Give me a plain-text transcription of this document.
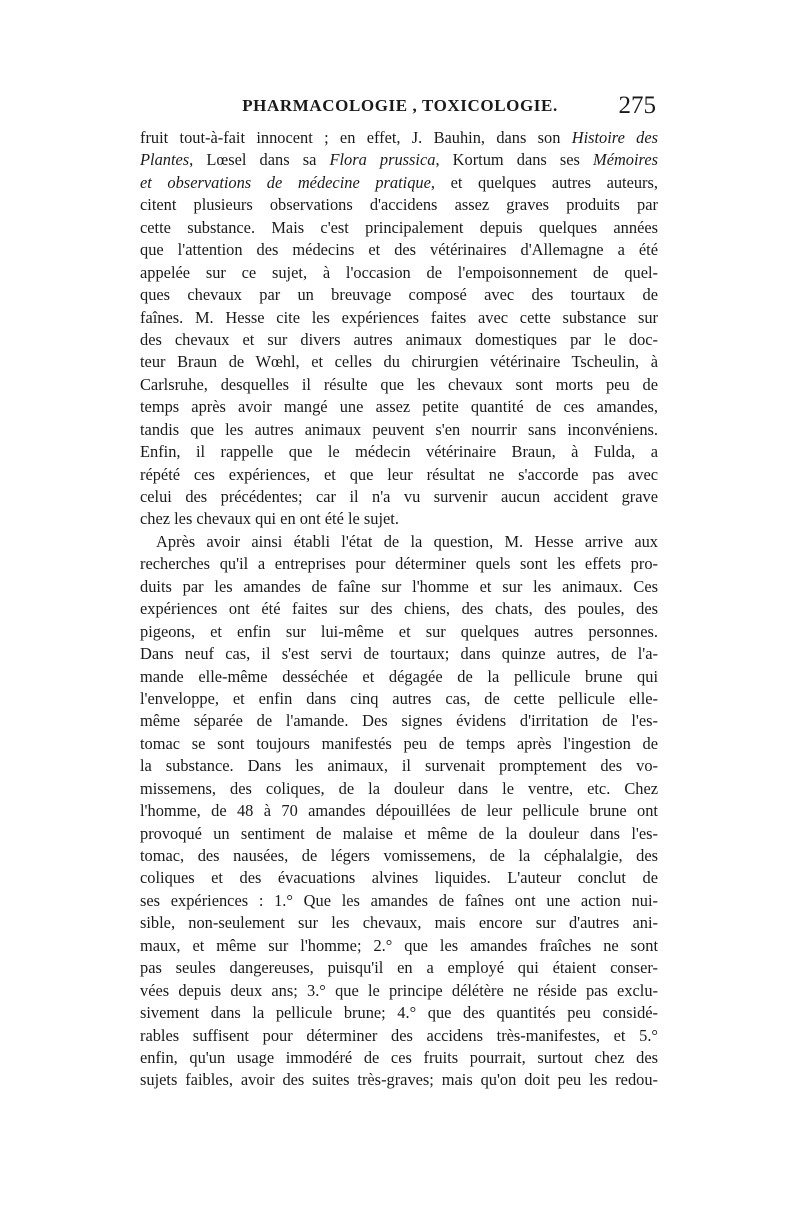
PHARMACOLOGIE , TOXICOLOGIE.	275
fruit tout-à-fait innocent ; en effet, J. Bauhin, dans son Histoire des
Plantes, Lœsel dans sa Flora prussica, Kortum dans ses Mémoires
et observations de médecine pratique, et quelques autres auteurs,
citent plusieurs observations d'accidens assez graves produits par
cette substance. Mais c'est principalement depuis quelques années
que l'attention des médecins et des vétérinaires d'Allemagne a été
appelée sur ce sujet, à l'occasion de l'empoisonnement de quel-
ques chevaux par un breuvage composé avec des tourtaux de
faînes. M. Hesse cite les expériences faites avec cette substance sur
des chevaux et sur divers autres animaux domestiques par le doc-
teur Braun de Wœhl, et celles du chirurgien vétérinaire Tscheulin, à
Carlsruhe, desquelles il résulte que les chevaux sont morts peu de
temps après avoir mangé une assez petite quantité de ces amandes,
tandis que les autres animaux peuvent s'en nourrir sans inconvéniens.
Enfin, il rappelle que le médecin vétérinaire Braun, à Fulda, a
répété ces expériences, et que leur résultat ne s'accorde pas avec
celui des précédentes; car il n'a vu survenir aucun accident grave
chez les chevaux qui en ont été le sujet.
Après avoir ainsi établi l'état de la question, M. Hesse arrive aux
recherches qu'il a entreprises pour déterminer quels sont les effets pro-
duits par les amandes de faîne sur l'homme et sur les animaux. Ces
expériences ont été faites sur des chiens, des chats, des poules, des
pigeons, et enfin sur lui-même et sur quelques autres personnes.
Dans neuf cas, il s'est servi de tourtaux; dans quinze autres, de l'a-
mande elle-même desséchée et dégagée de la pellicule brune qui
l'enveloppe, et enfin dans cinq autres cas, de cette pellicule elle-
même séparée de l'amande. Des signes évidens d'irritation de l'es-
tomac se sont toujours manifestés peu de temps après l'ingestion de
la substance. Dans les animaux, il survenait promptement des vo-
missemens, des coliques, de la douleur dans le ventre, etc. Chez
l'homme, de 48 à 70 amandes dépouillées de leur pellicule brune ont
provoqué un sentiment de malaise et même de la douleur dans l'es-
tomac, des nausées, de légers vomissemens, de la céphalalgie, des
coliques et des évacuations alvines liquides. L'auteur conclut de
ses expériences : 1.° Que les amandes de faînes ont une action nui-
sible, non-seulement sur les chevaux, mais encore sur d'autres ani-
maux, et même sur l'homme; 2.° que les amandes fraîches ne sont
pas seules dangereuses, puisqu'il en a employé qui étaient conser-
vées depuis deux ans; 3.° que le principe délétère ne réside pas exclu-
sivement dans la pellicule brune; 4.° que des quantités peu considé-
rables suffisent pour déterminer des accidens très-manifestes, et 5.°
enfin, qu'un usage immodéré de ces fruits pourrait, surtout chez des
sujets faibles, avoir des suites très-graves; mais qu'on doit peu les redou-
